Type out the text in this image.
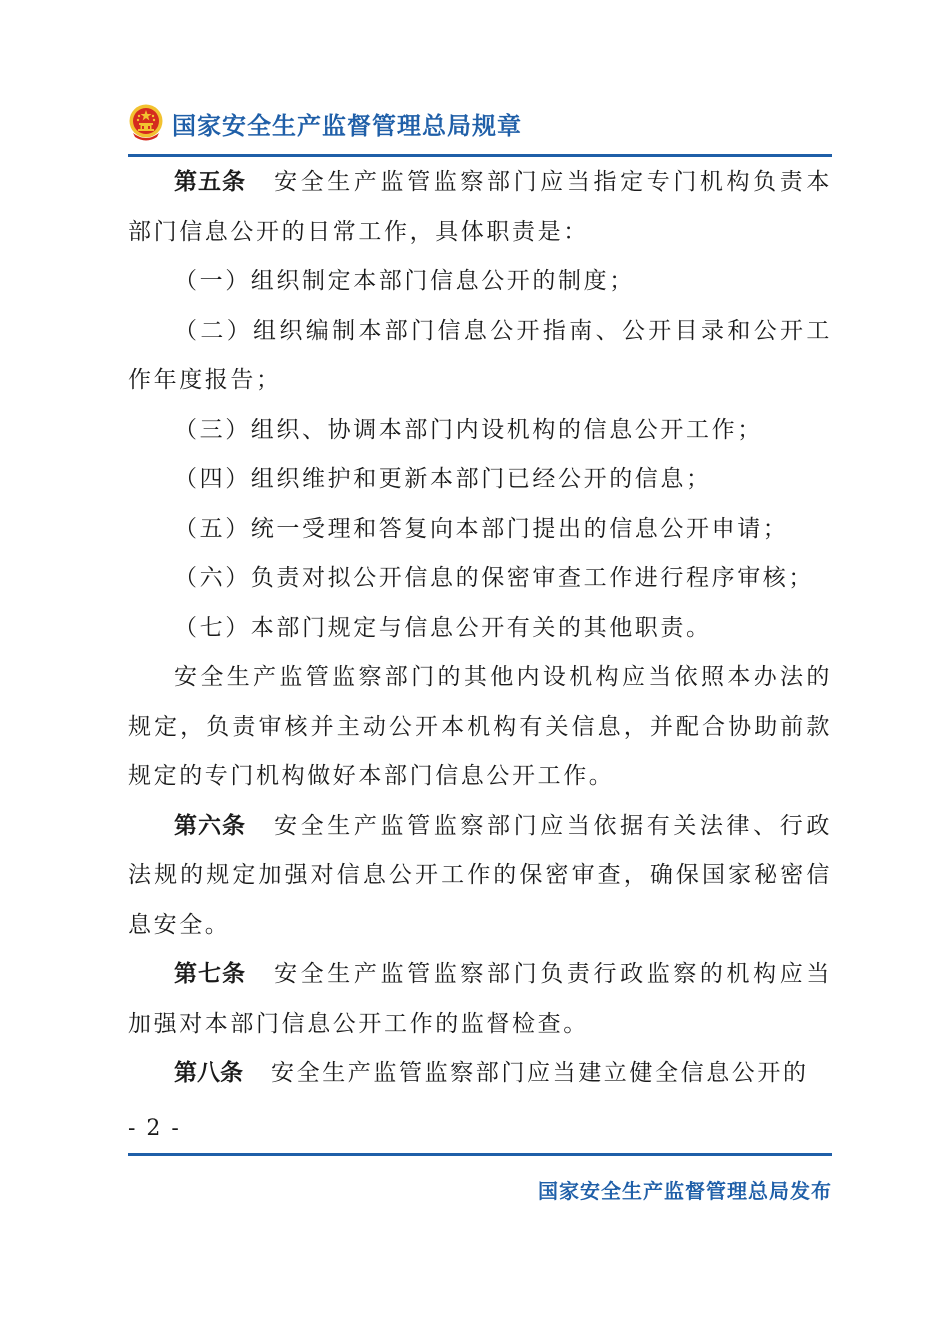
国家安全生产监督管理总局规章

第五条 安全生产监管监察部门应当指定专门机构负责本部门信息公开的日常工作，具体职责是：

（一）组织制定本部门信息公开的制度；

（二）组织编制本部门信息公开指南、公开目录和公开工作年度报告；

（三）组织、协调本部门内设机构的信息公开工作；

（四）组织维护和更新本部门已经公开的信息；

（五）统一受理和答复向本部门提出的信息公开申请；

（六）负责对拟公开信息的保密审查工作进行程序审核；

（七）本部门规定与信息公开有关的其他职责。

安全生产监管监察部门的其他内设机构应当依照本办法的规定，负责审核并主动公开本机构有关信息，并配合协助前款规定的专门机构做好本部门信息公开工作。

第六条 安全生产监管监察部门应当依据有关法律、行政法规的规定加强对信息公开工作的保密审查，确保国家秘密信息安全。

第七条 安全生产监管监察部门负责行政监察的机构应当加强对本部门信息公开工作的监督检查。

第八条 安全生产监管监察部门应当建立健全信息公开的

- 2 -
国家安全生产监督管理总局发布
